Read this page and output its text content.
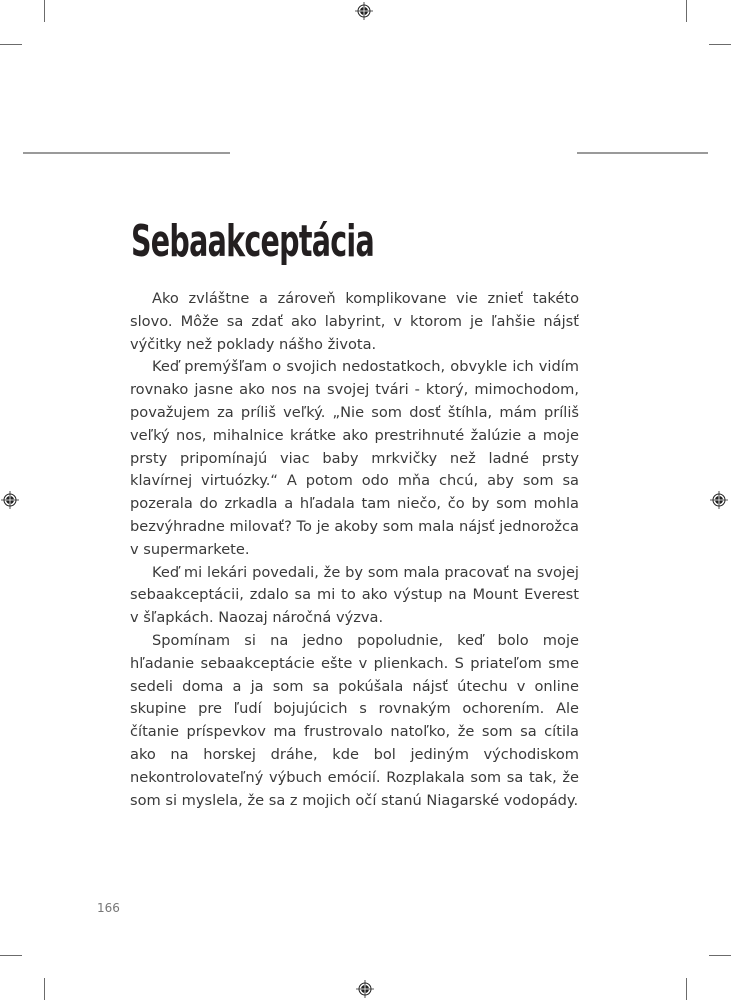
Sebaakceptácia

Ako zvláštne a zároveň komplikovane vie znieť takéto slovo. Môže sa zdať ako labyrint, v ktorom je ľahšie nájsť výčitky než poklady nášho života.

Keď premýšľam o svojich nedostatkoch, obvykle ich vidím rovnako jasne ako nos na svojej tvári - ktorý, mimochodom, považujem za príliš veľký. „Nie som dosť štíhla, mám príliš veľký nos, mihalnice krátke ako prestrihnuté žalúzie a moje prsty pripomínajú viac baby mrkvičky než ladné prsty klavírnej virtuózky.“ A potom odo mňa chcú, aby som sa pozerala do zrkadla a hľadala tam niečo, čo by som mohla bezvýhradne milovať? To je akoby som mala nájsť jednorožca v supermarkete.

Keď mi lekári povedali, že by som mala pracovať na svojej sebaakceptácii, zdalo sa mi to ako výstup na Mount Everest v šľapkách. Naozaj náročná výzva.

Spomínam si na jedno popoludnie, keď bolo moje hľadanie sebaakceptácie ešte v plienkach. S priateľom sme sedeli doma a ja som sa pokúšala nájsť útechu v online skupine pre ľudí bojujúcich s rovnakým ochorením. Ale čítanie príspevkov ma frustrovalo natoľko, že som sa cítila ako na horskej dráhe, kde bol jediným východiskom nekontrolovateľný výbuch emócií. Rozplakala som sa tak, že som si myslela, že sa z mojich očí stanú Niagarské vodopády.

166
